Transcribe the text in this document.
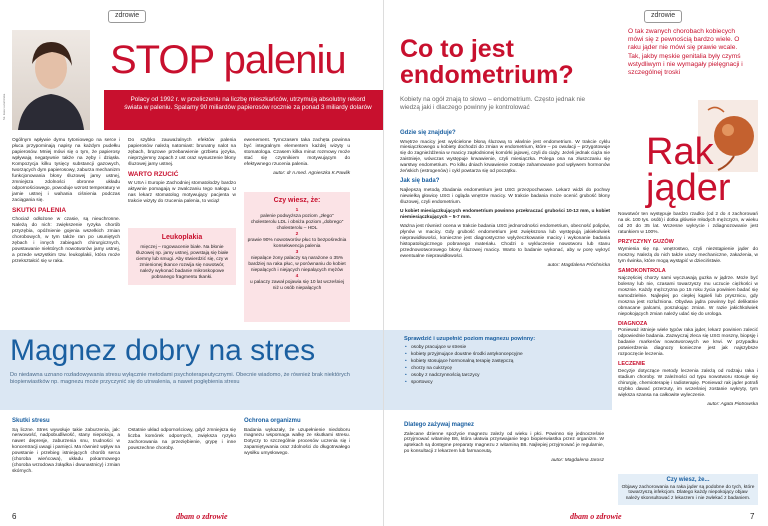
zdrowie
fot. Ewa Lutomirska
STOP paleniu
Polacy od 1992 r. w przeliczeniu na liczbę mieszkańców, utrzymują absolutny rekord świata w paleniu. Spalamy 90 miliardów papierosów rocznie za ponad 3 miliardy dolarów

Ogólnym wpływie dymu tytoniowego na serce i płuca przypominają napisy na każdym pudełku papierosów. Mniej mówi się o tym, że papierosy wpływają negatywnie także na zęby i dziąsła. Kompozycja kilku tysięcy substancji gazowych, tworzących dym papierosowy, zaburza mechanizm funkcjonowania błony śluzowej jamy ustnej, zmniejsza zdolności obronne układu odpornościowego, powoduje wzrost temperatury w jamie ustnej i wahania ciśnienia podczas zaciągania się.

SKUTKI PALENIA

Chociaż odłożone w czasie, są nieuchronne. Należą do nich: zwiększenie ryzyka chorób przyzębia, opóźnienie gojenia wszelkich zmian chorobowych, w tym także ran po usuniętych zębach i innych zabiegach chirurgicznych, powstawanie niektórych nowotworów jamy ustnej, a przede wszystkim tzw. leukoplakii, która może przekształcić się w raka.

Do szybko zauważalnych efektów palenia papierosów należą natomiast: brunatny nalot na zębach, brązowe przebarwienie grzbietu języka, nieprzyjemny zapach z ust oraz wysuszenie błony śluzowej jamy ustnej.

WARTO RZUCIĆ

W USA i Europie Zachodniej stomatolodzy bardzo aktywnie pomagają w zwalczaniu tego nałogu. U nas lekarz stomatolog motywujący pacjenta w trakcie wizyty do rzucenia palenia, to wciąż

Leukoplakia
mięczej – rogowacenie białe. Na błonie śluzowej np. jamy ustnej, powstają się białe ciemny lub smugi. Aby stwierdzić się, czy w zmienionej tkance rozwija się nowotwór, należy wykonać badanie mikroskopowe pobranego fragmentu tkanki.

ewenement. Tymczasem taka zachęta powinna być integralnym elementem każdej wizyty u stomatologa. Czasem kilka minut rozmowy może stać się czynnikiem motywującym do efektywnego rzucenia palenia.

autor: dr n.med. Agnieszka K.Pawlik
Czy wiesz, że:
1
palenie podwyższa poziom „złego” cholesterolu LDL i obniża poziom „dobrego” cholesterolu – HDL
2
prawie 90% nowotworów płuc to bezpośrednia konsekwencja palenia
3
niepalące żony palaczy są narażone o 35% bardziej na raka płuc, w porównaniu do kobiet niepalących i niejących niepalących mężów
4
u palaczy zawał pojawia się 10 lat wcześniej niż u osób niepalących
Magnez dobry na stres
Do niedawna uznano rozładowywania stresu wyłącznie metodami psychoterapeutycznymi. Obecnie wiadomo, że również brak niektórych biopierwiastków np. magnezu może przyczynić się do utrwalenia, a nawet pogłębienia stresu
Skutki stresu

Są liczne. Stres wywołuje takie zaburzenia, jak: nerwowość, nadpobudliwość, stany niepokoju, a nawet depresje, zaburzenia snu, trudności w koncentracji uwagi i pamięci. Ma również wpływ na powstanie i przebieg istniejących chorób serca (choroba wieńcowa), układu pokarmowego (choroba wrzodowa żołądka i dwunastnicy) i zmian skórnych.

Ostatnie układ odpornościowy, gdyż zmniejsza się liczba komórek odpornych, zwiększa ryzyko zachorowania na przeziębienie, grypę i inne powszechne choroby.

Ochrona organizmu

Badania wykazały, że uzupełnienie niedoboru magnezu wspomaga walkę ze skutkami stresu. Dotyczy to szczególnie procesów uczenia się i zapamiętywania oraz zdolności do długotrwałego wysiłku umysłowego.

6	dbam o zdrowie
zdrowie
Co to jest endometrium?
Kobiety na ogół znają to słowo – endometrium. Często jednak nie wiedzą jaki i dlaczego powinny je kontrolować
O tak zwanych chorobach kobiecych mówi się z pewnością bardzo wiele. O raku jąder nie mówi się prawie wcale. Tak, jakby męskie genitalia były czymś wstydliwym i nie wymagały pielęgnacji i szczególnej troski
Rak jąder
Gdzie się znajduje?

Wnętrze macicy jest wyścielone błoną śluzową to właśnie jest endometrium. W trakcie cyklu miesiączkowego u kobiety dochodzi do zmian w endometrium, które – po owulacji – przygotowuje się do zagnieżdżenia w macicy zapłodnionej komórki jajowej, czyli do ciąży. Jeżeli jednak ciąża nie zaistnieje, wówczas występuje krwawienie, czyli miesiączka. Polega ona na złuszczaniu się warstwy endometrium. Po kilku dniach krwawienie zostaje zahamowane pod wpływem hormonów żeńskich (estrogenów) i cykl powtarza się od początku.

Jak się bada?

Najlepszą metodą zbadania endometrium jest USG przezpochwowe. Lekarz widzi do pochwy niewielką głowicę USG i ogląda wnętrze macicy. W trakcie badania może ocenić grubość błony śluzowej, czyli endometrium.

U kobiet miesiączkujących endometrium powinno przekraczać grubości 10-12 mm, u kobiet niemiesiączkujących – 5-7 mm.

Ważna jest również ocena w trakcie badania USG jednorodności endometrium, obecność polipów, płynów w macicy. Gdy grubość endometrium jest zwiększona lub występują jakiekolwiek nieprawidłowości, konieczne jest diagnostyczne wyłyżeczkowanie macicy i wykonanie badania histopatologicznego pobranego materiału. Chodzi o wykluczenie nowotworu lub stanu przednowotworowego błony śluzowej macicy. Warto to badanie wykonać, aby w porę wykryć ewentualne nieprawidłowości.

autor: Magdalena Próchnicka

Nowotwór ten występuje bardzo rzadko (od 2 do 4 zachorowań na ok. 100 tys. osób) i dotka głównie młodych mężczyzn, w wieku od 20 do 35 lat. Wczesne wykrycie i zdiagnozowanie jest ratunkiem w 100%.

PRZYCZYNY GUZÓW

Wymienia się np. wnętrostwo, czyli niezstąpienie jąder do moszny. Należą do nich także urazy mechaniczne, zakażenia, w tym świnka, które mogą wystąpić w dzieciństwie.

SAMOKONTROLA

Najczęściej chorzy sami wyczuwają guzka w jądrze. Może być bolesny lub nie, czasami towarzyszy mu uczucie ciężkości w mosznie. Każdy mężczyzna po 15 roku życia powinien badać się samodzielnie. Najlepiej po ciepłej kąpieli lub prysznicu, gdy moszna jest rozluźniona. Obydwa jądra powinny być delikatnie obmacane palcami, poszukując zmian. W razie jakichkolwiek niepokojących zmian należy udać się do urologa.

DIAGNOZA

Ponieważ istnieje wiele typów raka jąder, lekarz powinien zalecić odpowiednie badania. Zazwyczaj zleca się USG moszny, biopsję i badanie markerów nowotworowych we krwi. W przypadku potwierdzenia diagnozy konieczne jest jak najszybsze rozpoczęcie leczenia.

LECZENIE

Decyzje dotyczące metody leczenia zależą od rodzaju raka i stadium choroby. W zależności od typu nowotworu stosuje się chirurgię, chemioterapię i radioterapię. Ponieważ rak jąder potrafi szybko dawać przerzuty, im wcześniej zostanie wykryty, tym większa szansa na całkowite wyleczenie.

autor: Agata Piotrowska
Czy wiesz, że...
Objawy zachorowania na raka jąder są podobne do tych, które towarzyszą infekcjom. Dlatego każdy niepokojący objaw należy skonsultować z lekarzem i nie zwlekać z badaniem.
Sprawdzić i uzupełnić poziom magnezu powinny:
• osoby pracujące w stresie
• kobiety przyjmujące doustne środki antykoncepcyjne
• kobiety stosujące hormonalną terapię zastępczą
• chorzy na cukrzycę
• osoby z nadczynnością tarczycy
• sportowcy
Dlatego zażywaj magnez

Zalecane dzienne spożycie magnezu zależy od wieku i płci. Powinno się jednocześnie przyjmować witaminę B6, która ułatwia przyswajanie tego biopierwiastka przez organizm. W aptekach są dostępne preparaty magnezu z witaminą B6. Najlepiej przyjmować je regularnie, po konsultacji z lekarzem lub farmaceutą.

autor: Magdalena Jarosz
dbam o zdrowie	7
